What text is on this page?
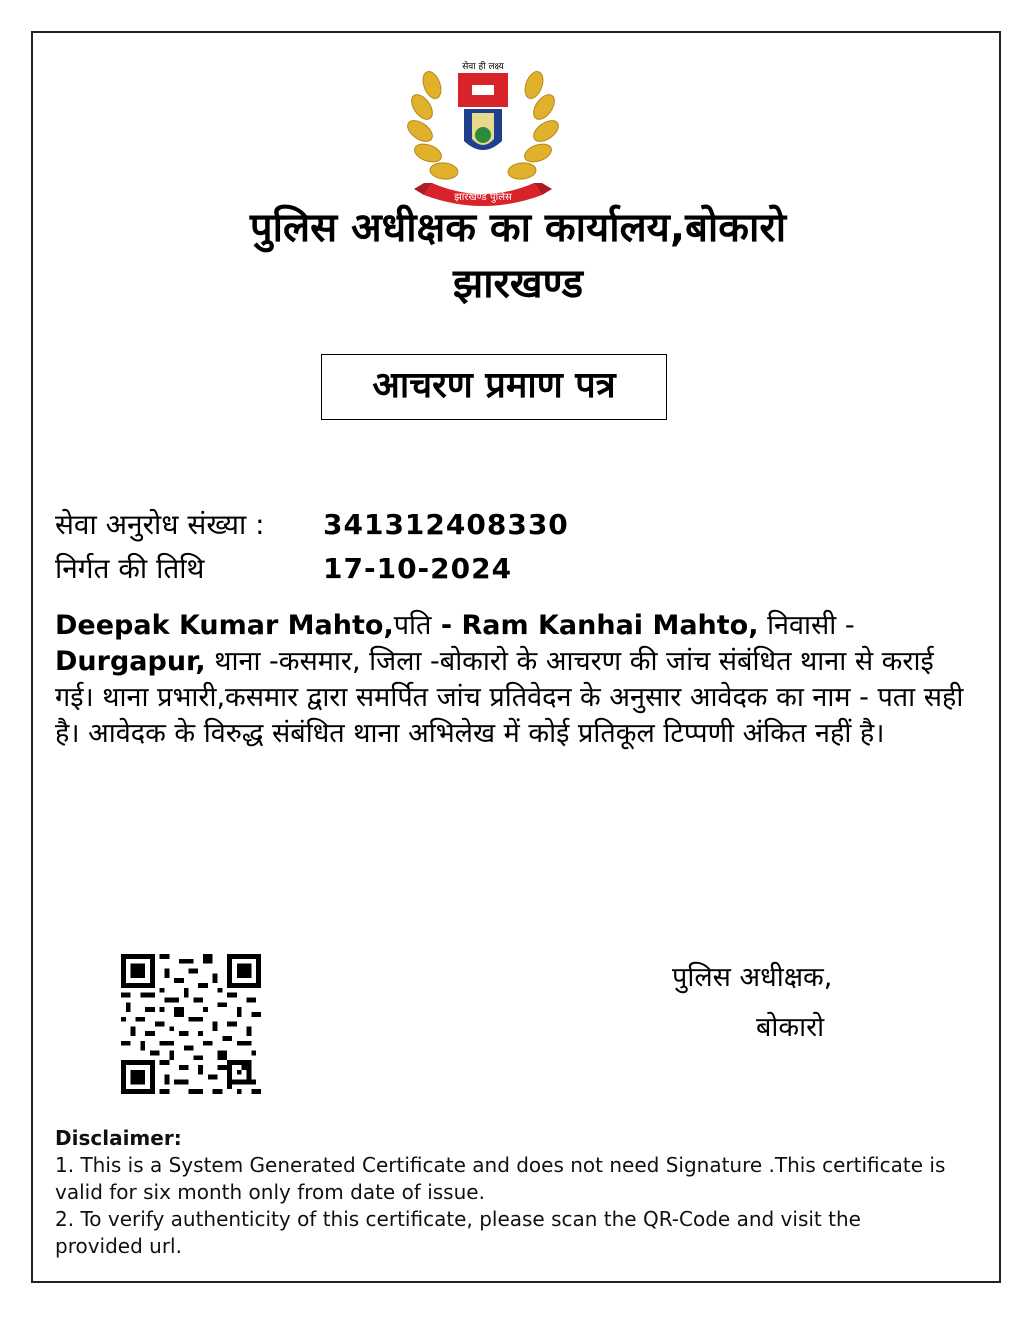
सेवा ही लक्ष्य
झारखण्ड पुलिस
पुलिस अधीक्षक का कार्यालय,बोकारो
झारखण्ड
आचरण प्रमाण पत्र
सेवा अनुरोध संख्या :	341312408330
निर्गत की तिथि	17-10-2024
Deepak Kumar Mahto,पति - Ram Kanhai Mahto, निवासी - Durgapur, थाना -कसमार, जिला -बोकारो के आचरण की जांच संबंधित थाना से कराई गई। थाना प्रभारी,कसमार द्वारा समर्पित जांच प्रतिवेदन के अनुसार आवेदक का नाम - पता सही है। आवेदक के विरुद्ध संबंधित थाना अभिलेख में कोई प्रतिकूल टिप्पणी अंकित नहीं है।
पुलिस अधीक्षक,
बोकारो
Disclaimer:
1. This is a System Generated Certificate and does not need Signature .This certificate is valid for six month only from date of issue.
2. To verify authenticity of this certificate, please scan the QR-Code and visit the provided url.
